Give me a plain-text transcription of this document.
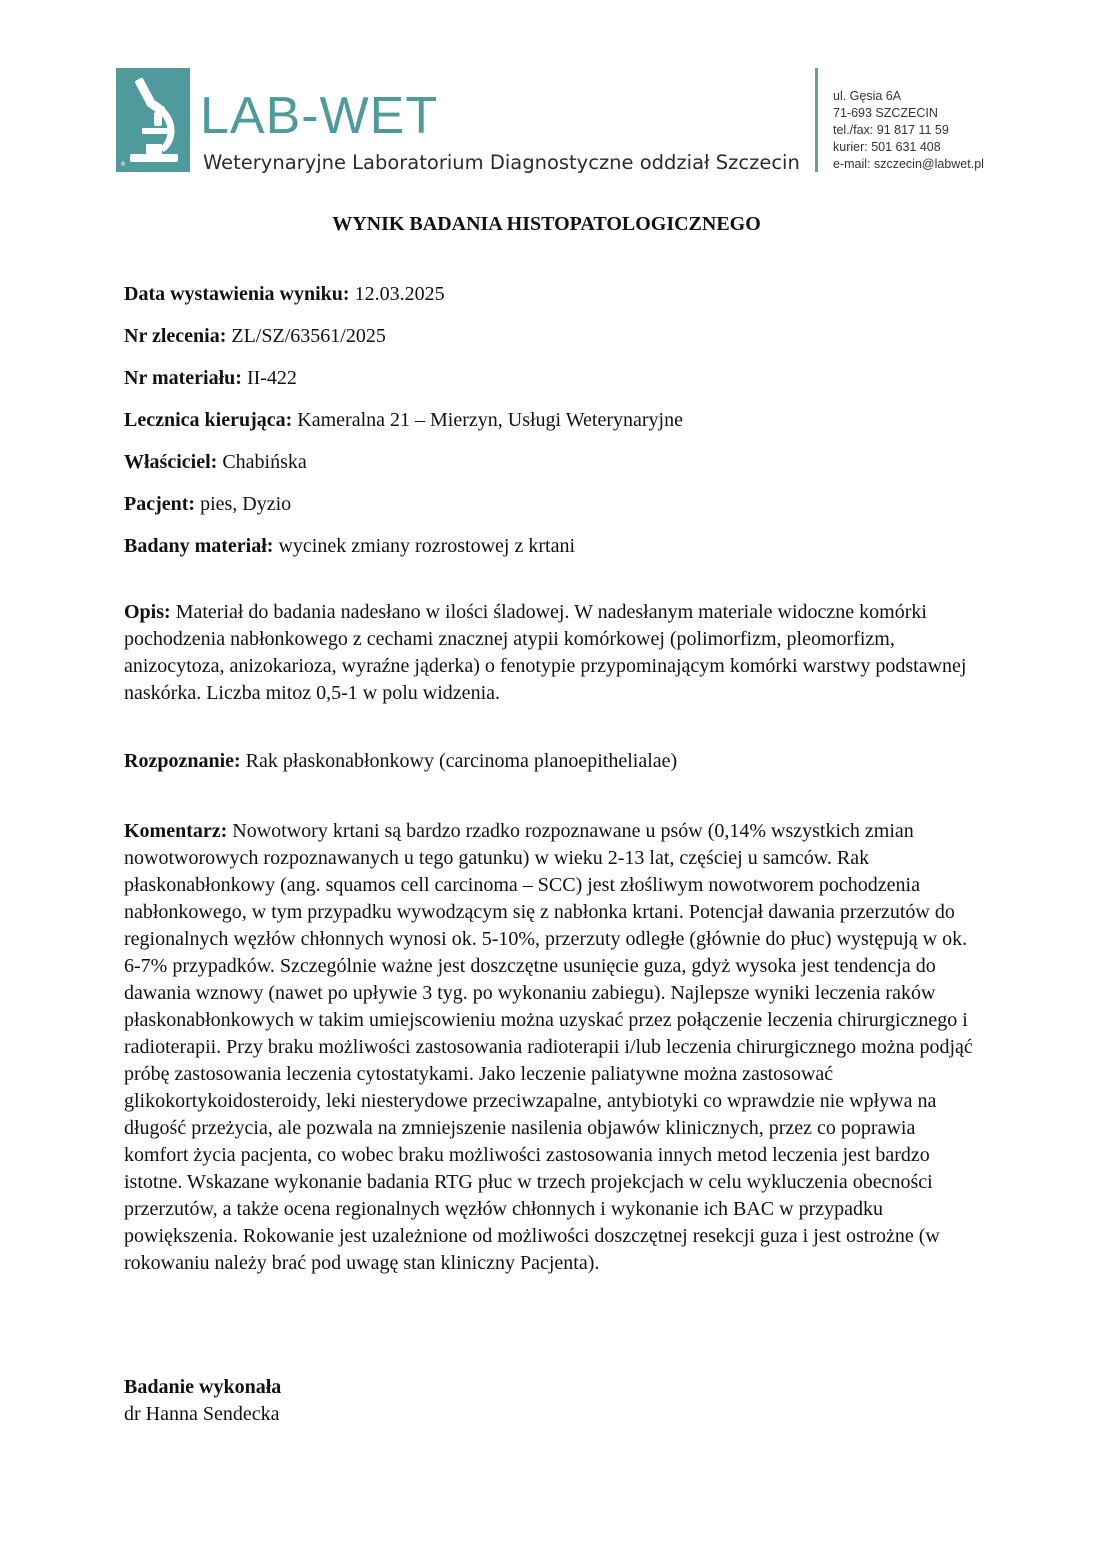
®
LAB-WET
Weterynaryjne Laboratorium Diagnostyczne oddział Szczecin
ul. Gęsia 6A
71-693 SZCZECIN
tel./fax: 91 817 11 59
kurier: 501 631 408
e-mail: szczecin@labwet.pl
WYNIK BADANIA HISTOPATOLOGICZNEGO
Data wystawienia wyniku: 12.03.2025
Nr zlecenia: ZL/SZ/63561/2025
Nr materiału: II-422
Lecznica kierująca: Kameralna 21 – Mierzyn, Usługi Weterynaryjne
Właściciel: Chabińska
Pacjent: pies, Dyzio
Badany materiał: wycinek zmiany rozrostowej z krtani
Opis: Materiał do badania nadesłano w ilości śladowej. W nadesłanym materiale widoczne komórki pochodzenia nabłonkowego z cechami znacznej atypii komórkowej (polimorfizm, pleomorfizm, anizocytoza, anizokarioza, wyraźne jąderka) o fenotypie przypominającym komórki warstwy podstawnej naskórka. Liczba mitoz 0,5-1 w polu widzenia.
Rozpoznanie: Rak płaskonabłonkowy (carcinoma planoepithelialae)
Komentarz: Nowotwory krtani są bardzo rzadko rozpoznawane u psów (0,14% wszystkich zmian nowotworowych rozpoznawanych u tego gatunku) w wieku 2-13 lat, częściej u samców. Rak płaskonabłonkowy (ang. squamos cell carcinoma – SCC) jest złośliwym nowotworem pochodzenia nabłonkowego, w tym przypadku wywodzącym się z nabłonka krtani. Potencjał dawania przerzutów do regionalnych węzłów chłonnych wynosi ok. 5-10%, przerzuty odległe (głównie do płuc) występują w ok. 6-7% przypadków. Szczególnie ważne jest doszczętne usunięcie guza, gdyż wysoka jest tendencja do dawania wznowy (nawet po upływie 3 tyg. po wykonaniu zabiegu). Najlepsze wyniki leczenia raków płaskonabłonkowych w takim umiejscowieniu można uzyskać przez połączenie leczenia chirurgicznego i radioterapii. Przy braku możliwości zastosowania radioterapii i/lub leczenia chirurgicznego można podjąć próbę zastosowania leczenia cytostatykami. Jako leczenie paliatywne można zastosować glikokortykoidosteroidy, leki niesterydowe przeciwzapalne, antybiotyki co wprawdzie nie wpływa na długość przeżycia, ale pozwala na zmniejszenie nasilenia objawów klinicznych, przez co poprawia komfort życia pacjenta, co wobec braku możliwości zastosowania innych metod leczenia jest bardzo istotne. Wskazane wykonanie badania RTG płuc w trzech projekcjach w celu wykluczenia obecności przerzutów, a także ocena regionalnych węzłów chłonnych i wykonanie ich BAC w przypadku powiększenia. Rokowanie jest uzależnione od możliwości doszczętnej resekcji guza i jest ostrożne (w rokowaniu należy brać pod uwagę stan kliniczny Pacjenta).
Badanie wykonała
dr Hanna Sendecka
